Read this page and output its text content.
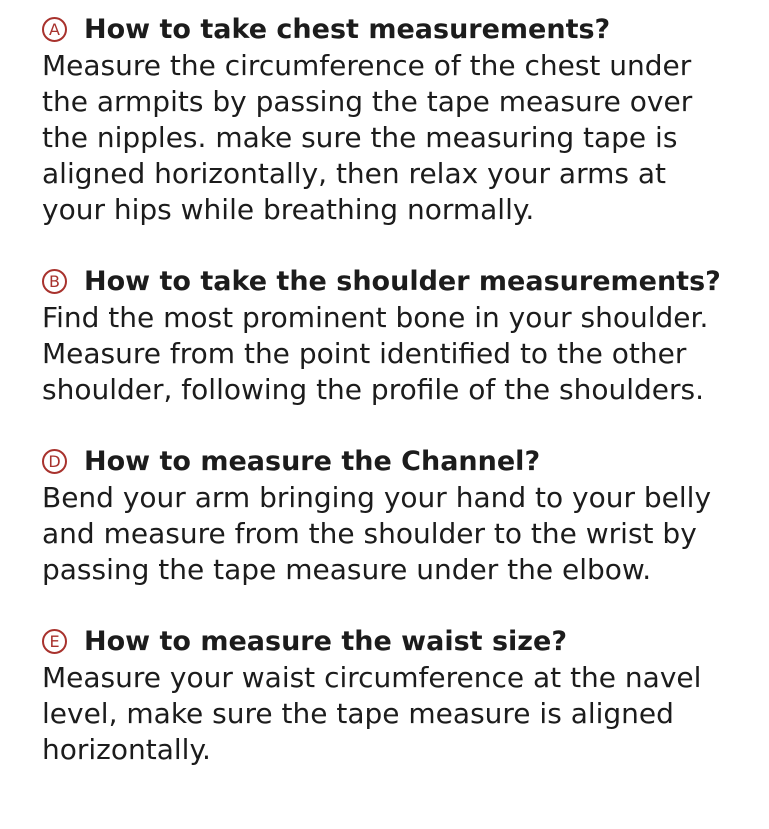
A How to take chest measurements?
Measure the circumference of the chest under
the armpits by passing the tape measure over
the nipples. make sure the measuring tape is
aligned horizontally, then relax your arms at
your hips while breathing normally.
B How to take the shoulder measurements?
Find the most prominent bone in your shoulder.
Measure from the point identified to the other
shoulder, following the profile of the shoulders.
D How to measure the Channel?
Bend your arm bringing your hand to your belly
and measure from the shoulder to the wrist by
passing the tape measure under the elbow.
E How to measure the waist size?
Measure your waist circumference at the navel
level, make sure the tape measure is aligned
horizontally.
